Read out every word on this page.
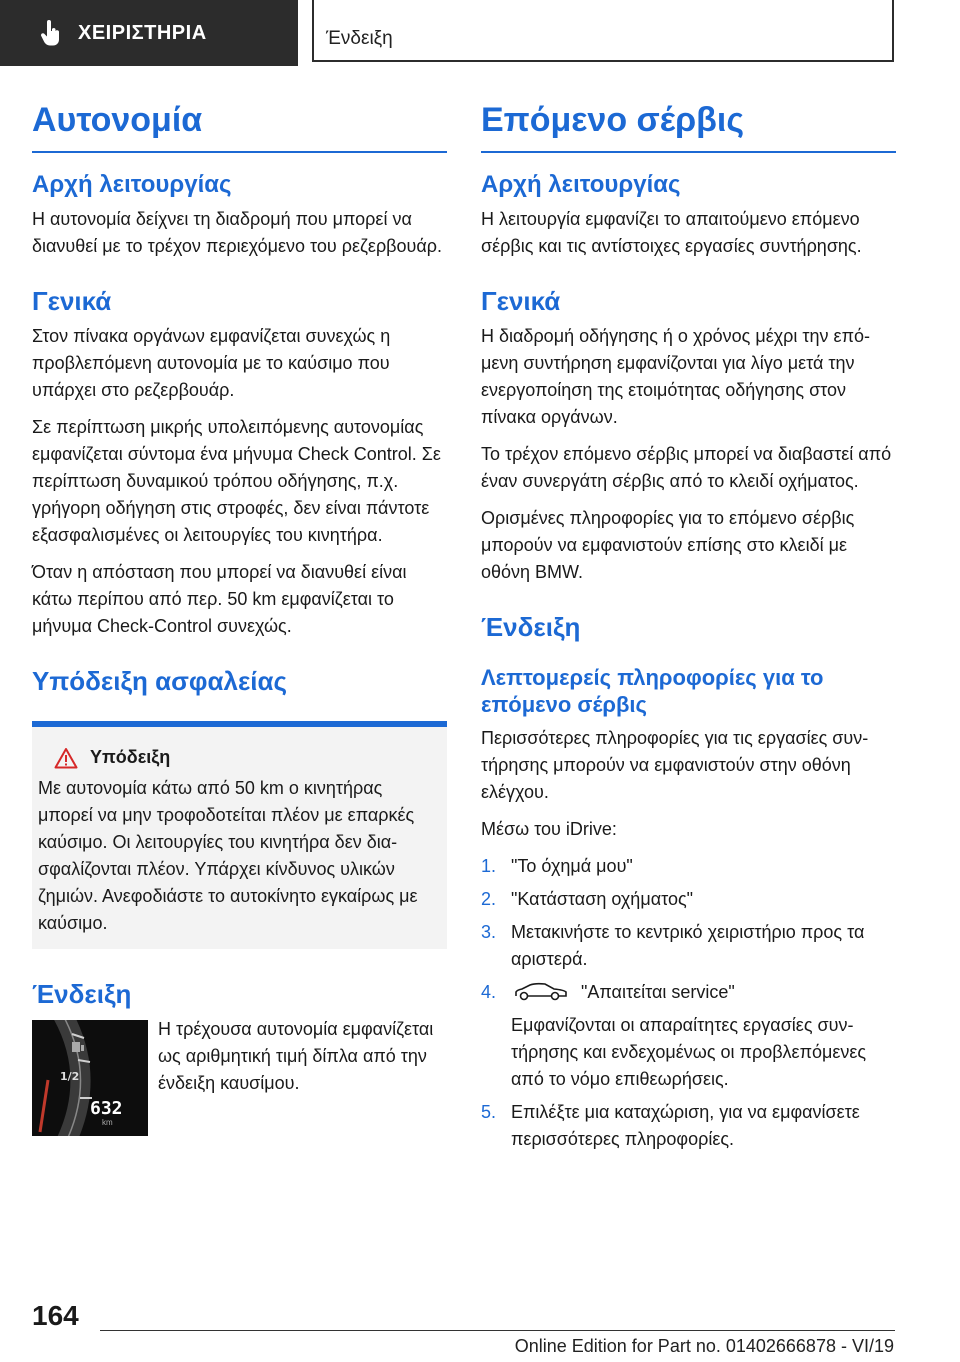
ΧΕΙΡΙΣΤΗΡΙΑ	Ένδειξη
Αυτονομία
Αρχή λειτουργίας

Η αυτονομία δείχνει τη διαδρομή που μπορεί να διανυθεί με το τρέχον περιεχόμενο του ρεζερβουάρ.

Γενικά

Στον πίνακα οργάνων εμφανίζεται συνεχώς η προβλεπόμενη αυτονομία με το καύσιμο που υπάρχει στο ρεζερβουάρ.

Σε περίπτωση μικρής υπολειπόμενης αυτονομίας εμφανίζεται σύντομα ένα μήνυμα Check Control. Σε περίπτωση δυναμικού τρόπου οδήγησης, π.χ. γρήγορη οδήγηση στις στροφές, δεν είναι πάντοτε εξασφαλισμένες οι λειτουργίες του κινητήρα.

Όταν η απόσταση που μπορεί να διανυθεί είναι κάτω περίπου από περ. 50 km εμφανίζεται το μήνυμα Check-Control συνεχώς.

Υπόδειξη ασφαλείας
Υπόδειξη

Με αυτονομία κάτω από 50 km ο κινητήρας μπορεί να μην τροφοδοτείται πλέον με επαρκές καύσιμο. Οι λειτουργίες του κινητήρα δεν διασφαλίζονται πλέον. Υπάρχει κίνδυνος υλικών ζημιών. Ανεφοδιάστε το αυτοκίνητο εγκαίρως με καύσιμο.

Ένδειξη
1/2
632
km

Η τρέχουσα αυτονομία εμφανίζεται ως αριθμητική τιμή δίπλα από την ένδειξη καυσίμου.

Επόμενο σέρβις
Αρχή λειτουργίας

Η λειτουργία εμφανίζει το απαιτούμενο επόμενο σέρβις και τις αντίστοιχες εργασίες συντήρησης.

Γενικά

Η διαδρομή οδήγησης ή ο χρόνος μέχρι την επόμενη συντήρηση εμφανίζονται για λίγο μετά την ενεργοποίηση της ετοιμότητας οδήγησης στον πίνακα οργάνων.

Το τρέχον επόμενο σέρβις μπορεί να διαβαστεί από έναν συνεργάτη σέρβις από το κλειδί οχήματος.

Ορισμένες πληροφορίες για το επόμενο σέρβις μπορούν να εμφανιστούν επίσης στο κλειδί με οθόνη BMW.

Ένδειξη
Λεπτομερείς πληροφορίες για το επόμενο σέρβις

Περισσότερες πληροφορίες για τις εργασίες συντήρησης μπορούν να εμφανιστούν στην οθόνη ελέγχου.

Μέσω του iDrive:

1. "Το όχημά μου"
2. "Κατάσταση οχήματος"
3. Μετακινήστε το κεντρικό χειριστήριο προς τα αριστερά.
4.	"Απαιτείται service"
Εμφανίζονται οι απαραίτητες εργασίες συντήρησης και ενδεχομένως οι προβλεπόμενες από το νόμο επιθεωρήσεις.
5. Επιλέξτε μια καταχώριση, για να εμφανίσετε περισσότερες πληροφορίες.
164
Online Edition for Part no. 01402666878 - VI/19
